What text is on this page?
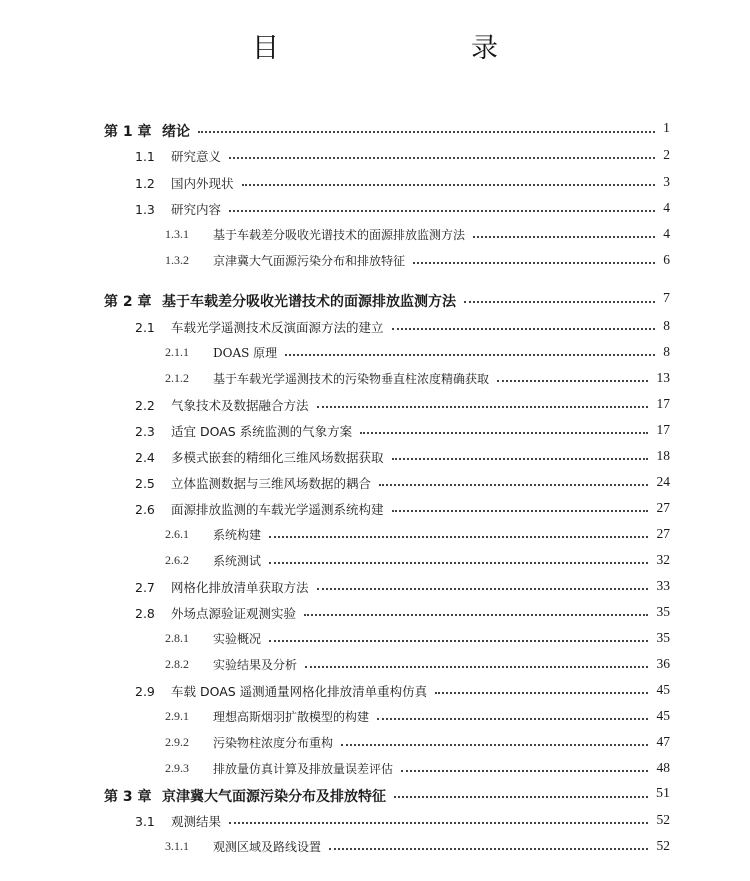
目　　录
第 1 章 绪论	1
1.1	研究意义	2
1.2	国内外现状	3
1.3	研究内容	4
1.3.1	基于车载差分吸收光谱技术的面源排放监测方法	4
1.3.2	京津冀大气面源污染分布和排放特征	6
第 2 章 基于车载差分吸收光谱技术的面源排放监测方法	7
2.1	车载光学遥测技术反演面源方法的建立	8
2.1.1	DOAS 原理	8
2.1.2	基于车载光学遥测技术的污染物垂直柱浓度精确获取	13
2.2	气象技术及数据融合方法	17
2.3	适宜 DOAS 系统监测的气象方案	17
2.4	多模式嵌套的精细化三维风场数据获取	18
2.5	立体监测数据与三维风场数据的耦合	24
2.6	面源排放监测的车载光学遥测系统构建	27
2.6.1	系统构建	27
2.6.2	系统测试	32
2.7	网格化排放清单获取方法	33
2.8	外场点源验证观测实验	35
2.8.1	实验概况	35
2.8.2	实验结果及分析	36
2.9	车载 DOAS 遥测通量网格化排放清单重构仿真	45
2.9.1	理想高斯烟羽扩散模型的构建	45
2.9.2	污染物柱浓度分布重构	47
2.9.3	排放量仿真计算及排放量误差评估	48
第 3 章 京津冀大气面源污染分布及排放特征	51
3.1	观测结果	52
3.1.1	观测区域及路线设置	52
